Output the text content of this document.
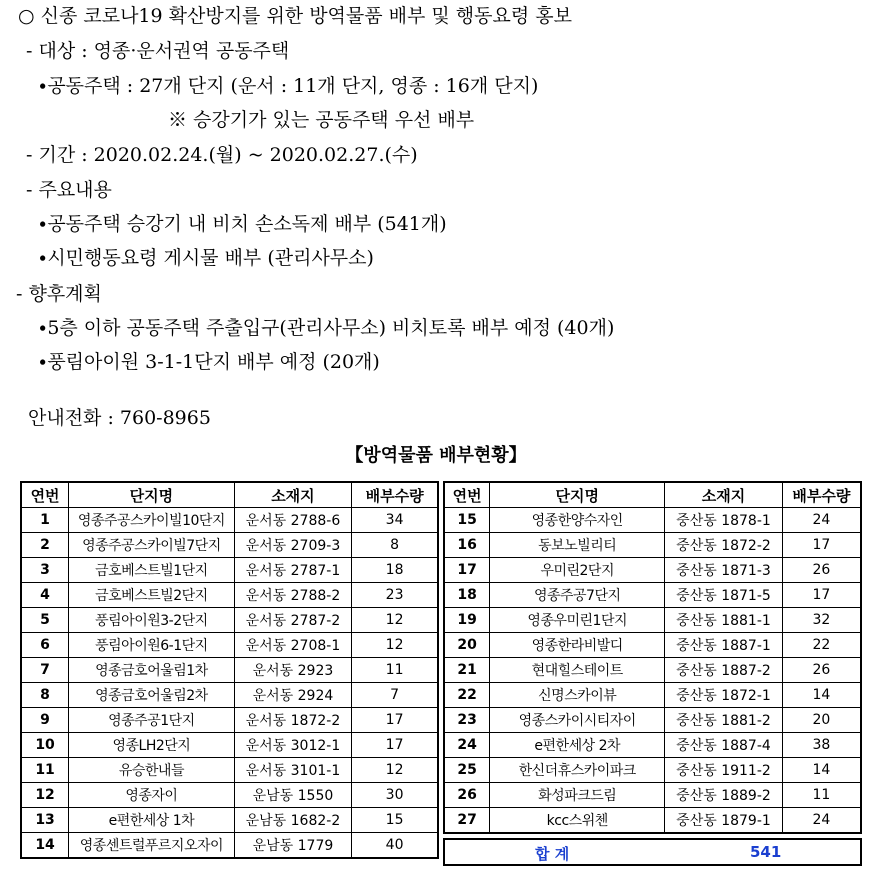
○ 신종 코로나19 확산방지를 위한 방역물품 배부 및 행동요령 홍보
- 대상 : 영종·운서권역 공동주택
∙공동주택 : 27개 단지 (운서 : 11개 단지, 영종 : 16개 단지)
※ 승강기가 있는 공동주택 우선 배부
- 기간 : 2020.02.24.(월) ~ 2020.02.27.(수)
- 주요내용
∙공동주택 승강기 내 비치 손소독제 배부 (541개)
∙시민행동요령 게시물 배부 (관리사무소)
- 향후계획
∙5층 이하 공동주택 주출입구(관리사무소) 비치토록 배부 예정 (40개)
∙풍림아이원 3-1-1단지 배부 예정 (20개)
안내전화 : 760-8965
【방역물품 배부현황】
연번	단지명	소재지	배부수량
1	영종주공스카이빌10단지	운서동 2788-6	34
2	영종주공스카이빌7단지	운서동 2709-3	8
3	금호베스트빌1단지	운서동 2787-1	18
4	금호베스트빌2단지	운서동 2788-2	23
5	풍림아이원3-2단지	운서동 2787-2	12
6	풍림아이원6-1단지	운서동 2708-1	12
7	영종금호어울림1차	운서동 2923	11
8	영종금호어울림2차	운서동 2924	7
9	영종주공1단지	운서동 1872-2	17
10	영종LH2단지	운서동 3012-1	17
11	유승한내들	운서동 3101-1	12
12	영종자이	운남동 1550	30
13	e편한세상 1차	운남동 1682-2	15
14	영종센트럴푸르지오자이	운남동 1779	40
연번	단지명	소재지	배부수량
15	영종한양수자인	중산동 1878-1	24
16	동보노빌리티	중산동 1872-2	17
17	우미린2단지	중산동 1871-3	26
18	영종주공7단지	중산동 1871-5	17
19	영종우미린1단지	중산동 1881-1	32
20	영종한라비발디	중산동 1887-1	22
21	현대힐스테이트	중산동 1887-2	26
22	신명스카이뷰	중산동 1872-1	14
23	영종스카이시티자이	중산동 1881-2	20
24	e편한세상 2차	중산동 1887-4	38
25	한신더휴스카이파크	중산동 1911-2	14
26	화성파크드림	중산동 1889-2	11
27	kcc스위첸	중산동 1879-1	24
합 계	541
